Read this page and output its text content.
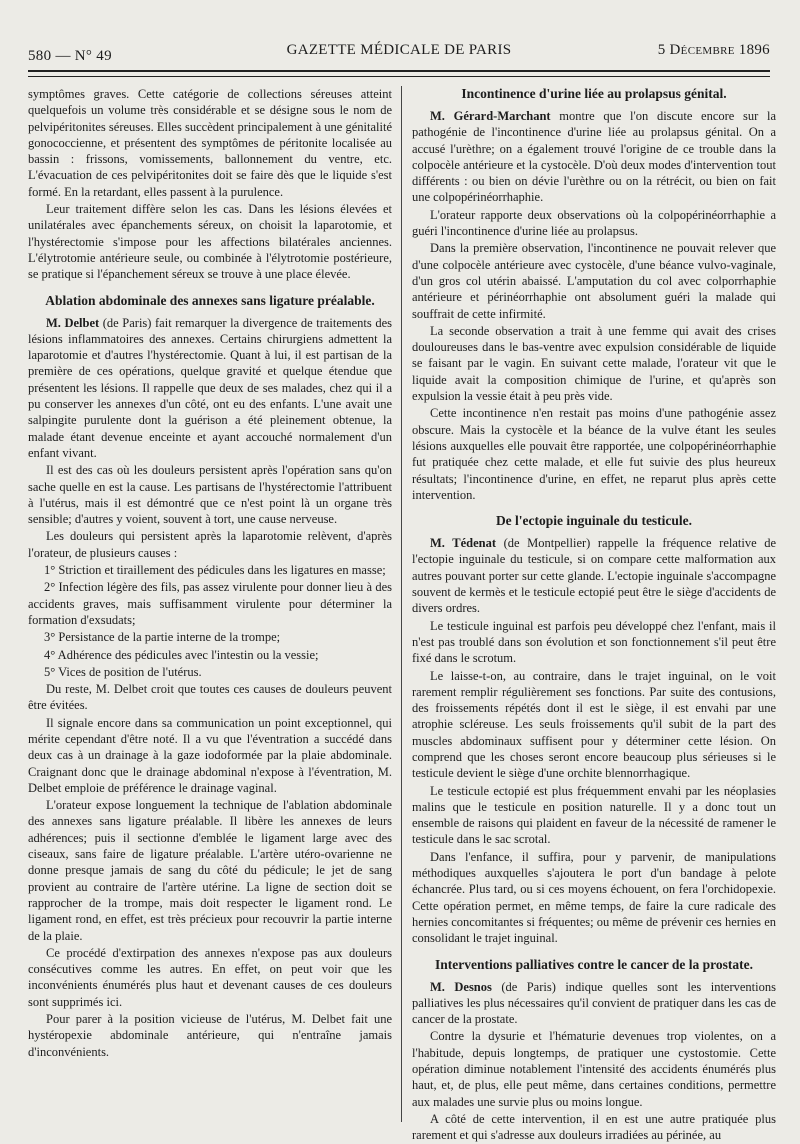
580 — N° 49	GAZETTE MÉDICALE DE PARIS	5 Décembre 1896

symptômes graves. Cette catégorie de collections séreuses atteint quelquefois un volume très considérable et se désigne sous le nom de pelvipéritonites séreuses. Elles succèdent principalement à une génitalité gonococcienne, et présentent des symptômes de péritonite localisée au bassin : frissons, vomissements, ballonnement du ventre, etc. L'évacuation de ces pelvipéritonites doit se faire dès que le liquide s'est formé. En la retardant, elles passent à la purulence.

Leur traitement diffère selon les cas. Dans les lésions élevées et unilatérales avec épanchements séreux, on choisit la laparotomie, et l'hystérectomie s'impose pour les affections bilatérales anciennes. L'élytrotomie antérieure seule, ou combinée à l'élytrotomie postérieure, se pratique si l'épanchement séreux se trouve à une place élevée.

Ablation abdominale des annexes sans ligature préalable.

M. Delbet (de Paris) fait remarquer la divergence de traitements des lésions inflammatoires des annexes. Certains chirurgiens admettent la laparotomie et d'autres l'hystérectomie. Quant à lui, il est partisan de la première de ces opérations, quelque gravité et quelque étendue que présentent les lésions. Il rappelle que deux de ses malades, chez qui il a pu conserver les annexes d'un côté, ont eu des enfants. L'une avait une salpingite purulente dont la guérison a été pleinement obtenue, la malade étant devenue enceinte et ayant accouché normalement d'un enfant vivant.

Il est des cas où les douleurs persistent après l'opération sans qu'on sache quelle en est la cause. Les partisans de l'hystérectomie l'attribuent à l'utérus, mais il est démontré que ce n'est point là un organe très sensible; d'autres y voient, souvent à tort, une cause nerveuse.

Les douleurs qui persistent après la laparotomie relèvent, d'après l'orateur, de plusieurs causes :

1° Striction et tiraillement des pédicules dans les ligatures en masse;

2° Infection légère des fils, pas assez virulente pour donner lieu à des accidents graves, mais suffisamment virulente pour déterminer la formation d'exsudats;

3° Persistance de la partie interne de la trompe;

4° Adhérence des pédicules avec l'intestin ou la vessie;

5° Vices de position de l'utérus.

Du reste, M. Delbet croit que toutes ces causes de douleurs peuvent être évitées.

Il signale encore dans sa communication un point exceptionnel, qui mérite cependant d'être noté. Il a vu que l'éventration a succédé dans deux cas à un drainage à la gaze iodoformée par la plaie abdominale. Craignant donc que le drainage abdominal n'expose à l'éventration, M. Delbet emploie de préférence le drainage vaginal.

L'orateur expose longuement la technique de l'ablation abdominale des annexes sans ligature préalable. Il libère les annexes de leurs adhérences; puis il sectionne d'emblée le ligament large avec des ciseaux, sans faire de ligature préalable. L'artère utéro-ovarienne ne donne presque jamais de sang du côté du pédicule; le jet de sang provient au contraire de l'artère utérine. La ligne de section doit se rapprocher de la trompe, mais doit respecter le ligament rond. Le ligament rond, en effet, est très précieux pour recouvrir la partie interne de la plaie.

Ce procédé d'extirpation des annexes n'expose pas aux douleurs consécutives comme les autres. En effet, on peut voir que les inconvénients énumérés plus haut et devenant causes de ces douleurs sont supprimés ici.

Pour parer à la position vicieuse de l'utérus, M. Delbet fait une hystéropexie abdominale antérieure, qui n'entraîne jamais d'inconvénients.

Incontinence d'urine liée au prolapsus génital.

M. Gérard-Marchant montre que l'on discute encore sur la pathogénie de l'incontinence d'urine liée au prolapsus génital. On a accusé l'urèthre; on a également trouvé l'origine de ce trouble dans la colpocèle antérieure et la cystocèle. D'où deux modes d'intervention tout différents : ou bien on dévie l'urèthre ou on la rétrécit, ou bien on fait une colpopérinéorrhaphie.

L'orateur rapporte deux observations où la colpopérinéorrhaphie a guéri l'incontinence d'urine liée au prolapsus.

Dans la première observation, l'incontinence ne pouvait relever que d'une colpocèle antérieure avec cystocèle, d'une béance vulvo-vaginale, d'un gros col utérin abaissé. L'amputation du col avec colporrhaphie antérieure et périnéorrhaphie ont absolument guéri la malade qui souffrait de cette infirmité.

La seconde observation a trait à une femme qui avait des crises douloureuses dans le bas-ventre avec expulsion considérable de liquide se faisant par le vagin. En suivant cette malade, l'orateur vit que le liquide avait la composition chimique de l'urine, et qu'après son expulsion la vessie était à peu près vide.

Cette incontinence n'en restait pas moins d'une pathogénie assez obscure. Mais la cystocèle et la béance de la vulve étant les seules lésions auxquelles elle pouvait être rapportée, une colpopérinéorrhaphie fut pratiquée chez cette malade, et elle fut suivie des plus heureux résultats; l'incontinence d'urine, en effet, ne reparut plus après cette intervention.

De l'ectopie inguinale du testicule.

M. Tédenat (de Montpellier) rappelle la fréquence relative de l'ectopie inguinale du testicule, si on compare cette malformation aux autres pouvant porter sur cette glande. L'ectopie inguinale s'accompagne souvent de kermès et le testicule ectopié peut être le siège d'accidents de divers ordres.

Le testicule inguinal est parfois peu développé chez l'enfant, mais il n'est pas troublé dans son évolution et son fonctionnement s'il peut être fixé dans le scrotum.

Le laisse-t-on, au contraire, dans le trajet inguinal, on le voit rarement remplir régulièrement ses fonctions. Par suite des contusions, des froissements répétés dont il est le siège, il est envahi par une atrophie scléreuse. Les seuls froissements qu'il subit de la part des muscles abdominaux suffisent pour y déterminer cette lésion. On comprend que les choses seront encore beaucoup plus sérieuses si le testicule devient le siège d'une orchite blennorrhagique.

Le testicule ectopié est plus fréquemment envahi par les néoplasies malins que le testicule en position naturelle. Il y a donc tout un ensemble de raisons qui plaident en faveur de la nécessité de ramener le testicule dans le sac scrotal.

Dans l'enfance, il suffira, pour y parvenir, de manipulations méthodiques auxquelles s'ajoutera le port d'un bandage à pelote échancrée. Plus tard, ou si ces moyens échouent, on fera l'orchidopexie. Cette opération permet, en même temps, de faire la cure radicale des hernies concomitantes si fréquentes; ou même de prévenir ces hernies en consolidant le trajet inguinal.

Interventions palliatives contre le cancer de la prostate.

M. Desnos (de Paris) indique quelles sont les interventions palliatives les plus nécessaires qu'il convient de pratiquer dans les cas de cancer de la prostate.

Contre la dysurie et l'hématurie devenues trop violentes, on a l'habitude, depuis longtemps, de pratiquer une cystostomie. Cette opération diminue notablement l'intensité des accidents énumérés plus haut, et, de plus, elle peut même, dans certaines conditions, permettre aux malades une survie plus ou moins longue.

A côté de cette intervention, il en est une autre pratiquée plus rarement et qui s'adresse aux douleurs irradiées au périnée, au
